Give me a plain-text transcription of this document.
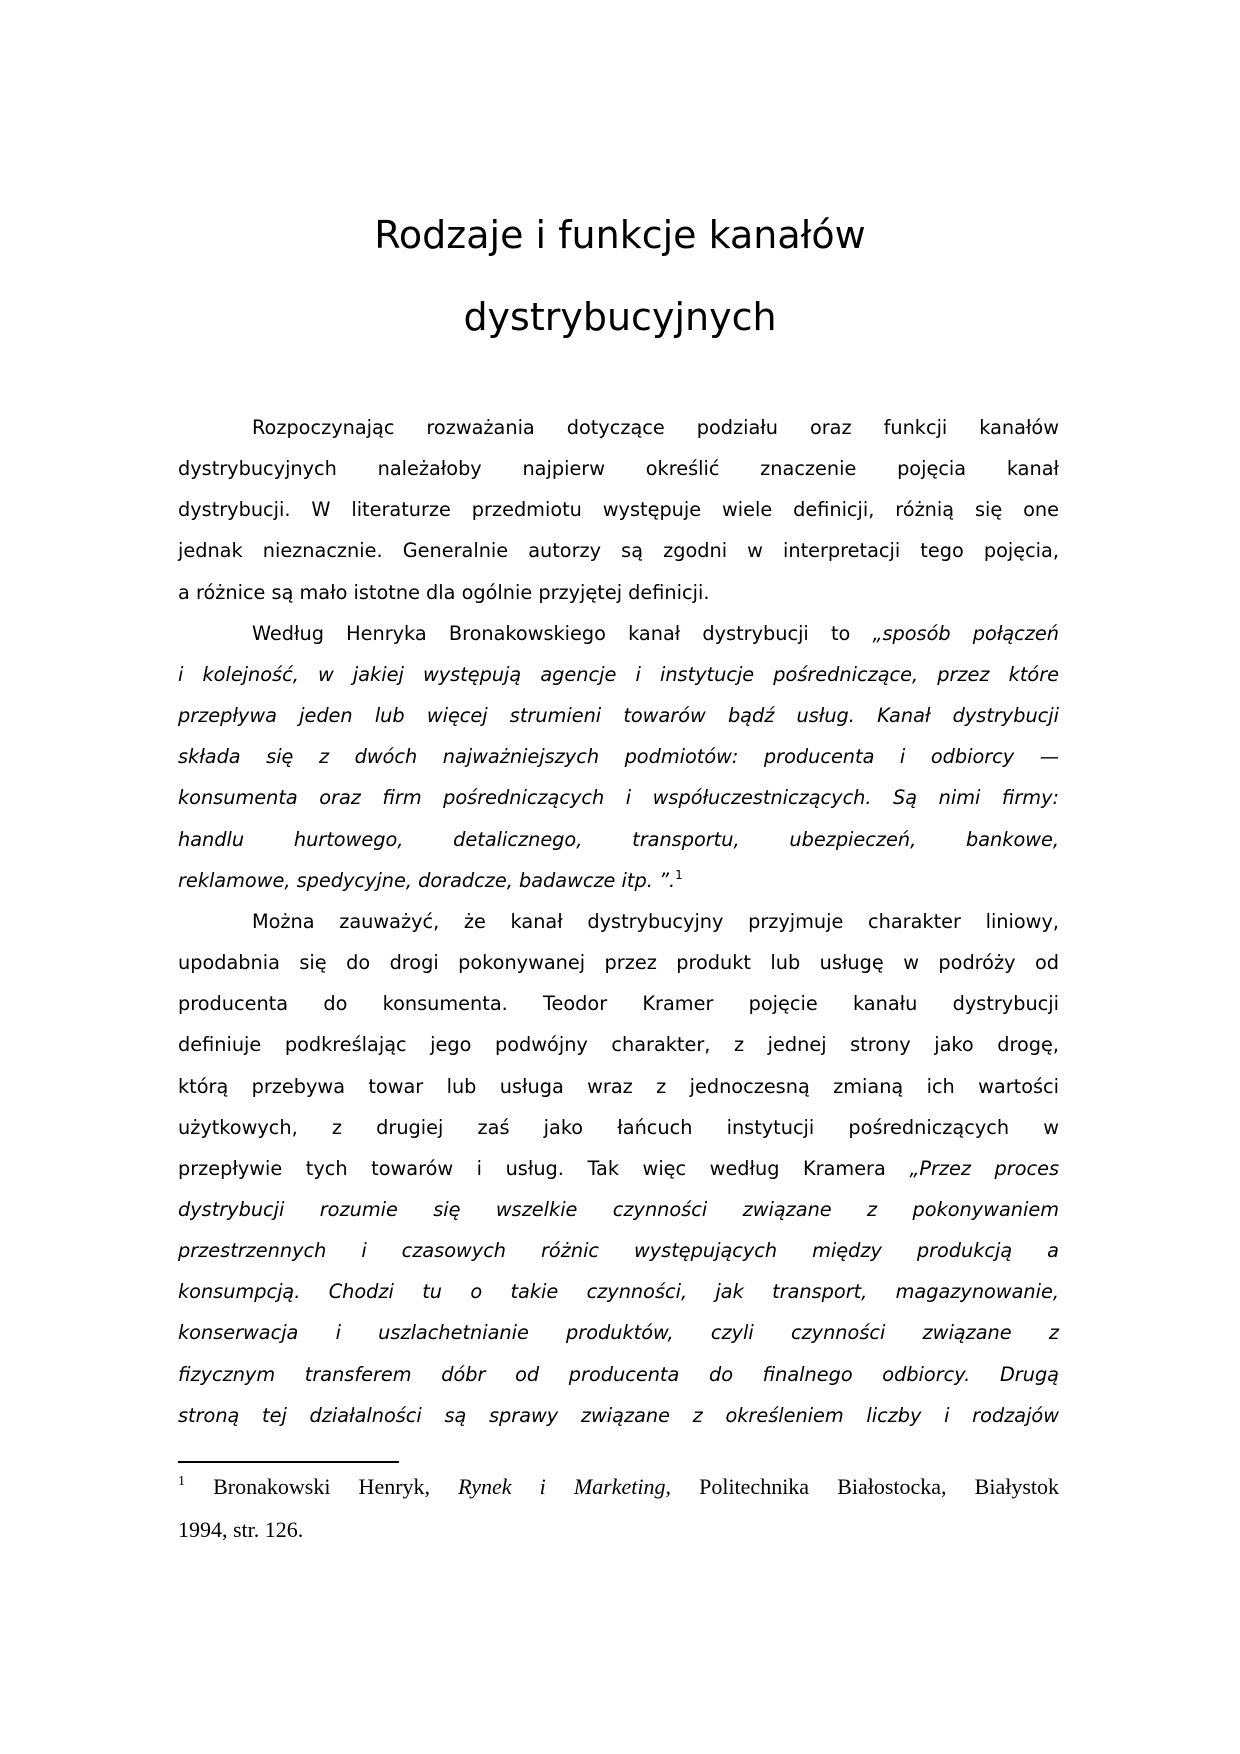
Rodzaje i funkcje kanałów
dystrybucyjnych
Rozpoczynając rozważania dotyczące podziału oraz funkcji kanałów
dystrybucyjnych należałoby najpierw określić znaczenie pojęcia kanał
dystrybucji. W literaturze przedmiotu występuje wiele definicji, różnią się one
jednak nieznacznie. Generalnie autorzy są zgodni w interpretacji tego pojęcia,
a różnice są mało istotne dla ogólnie przyjętej definicji.
Według Henryka Bronakowskiego kanał dystrybucji to „sposób połączeń
i kolejność, w jakiej występują agencje i instytucje pośredniczące, przez które
przepływa jeden lub więcej strumieni towarów bądź usług. Kanał dystrybucji
składa się z dwóch najważniejszych podmiotów: producenta i odbiorcy —
konsumenta oraz firm pośredniczących i współuczestniczących. Są nimi firmy:
handlu hurtowego, detalicznego, transportu, ubezpieczeń, bankowe,
reklamowe, spedycyjne, doradcze, badawcze itp. ”.$^1$
Można zauważyć, że kanał dystrybucyjny przyjmuje charakter liniowy,
upodabnia się do drogi pokonywanej przez produkt lub usługę w podróży od
producenta do konsumenta. Teodor Kramer pojęcie kanału dystrybucji
definiuje podkreślając jego podwójny charakter, z jednej strony jako drogę,
którą przebywa towar lub usługa wraz z jednoczesną zmianą ich wartości
użytkowych, z drugiej zaś jako łańcuch instytucji pośredniczących w
przepływie tych towarów i usług. Tak więc według Kramera „Przez proces
dystrybucji rozumie się wszelkie czynności związane z pokonywaniem
przestrzennych i czasowych różnic występujących między produkcją a
konsumpcją. Chodzi tu o takie czynności, jak transport, magazynowanie,
konserwacja i uszlachetnianie produktów, czyli czynności związane z
fizycznym transferem dóbr od producenta do finalnego odbiorcy. Drugą
stroną tej działalności są sprawy związane z określeniem liczby i rodzajów
$^1$ Bronakowski Henryk, Rynek i Marketing, Politechnika Białostocka, Białystok
1994, str. 126.
